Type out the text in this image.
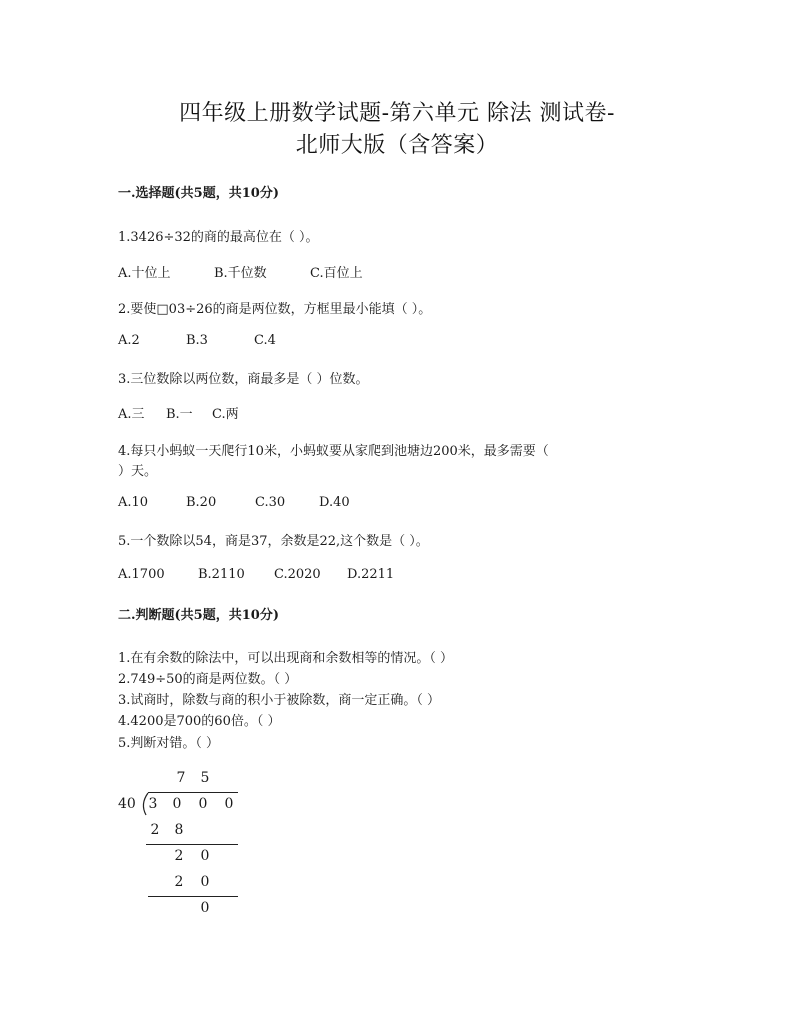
四年级上册数学试题-第六单元 除法 测试卷-
北师大版（含答案）
一.选择题(共5题，共10分)
1.3426÷32的商的最高位在（ ）。
A.十位上	B.千位数	C.百位上
2.要使□03÷26的商是两位数，方框里最小能填（ ）。
A.2	B.3	C.4
3.三位数除以两位数，商最多是（ ）位数。
A.三 B.一 C.两
4.每只小蚂蚁一天爬行10米，小蚂蚁要从家爬到池塘边200米，最多需要（
）天。
A.10	B.20	C.30	D.40
5.一个数除以54，商是37，余数是22,这个数是（ ）。
A.1700	B.2110 C.2020 D.2211
二.判断题(共5题，共10分)
1.在有余数的除法中，可以出现商和余数相等的情况。（ ）
2.749÷50的商是两位数。（ ）
3.试商时，除数与商的积小于被除数，商一定正确。（ ）
4.4200是700的60倍。（ ）
5.判断对错。（ ）
7 5
40 3 0 0 0
2 8
2 0
2 0
0
